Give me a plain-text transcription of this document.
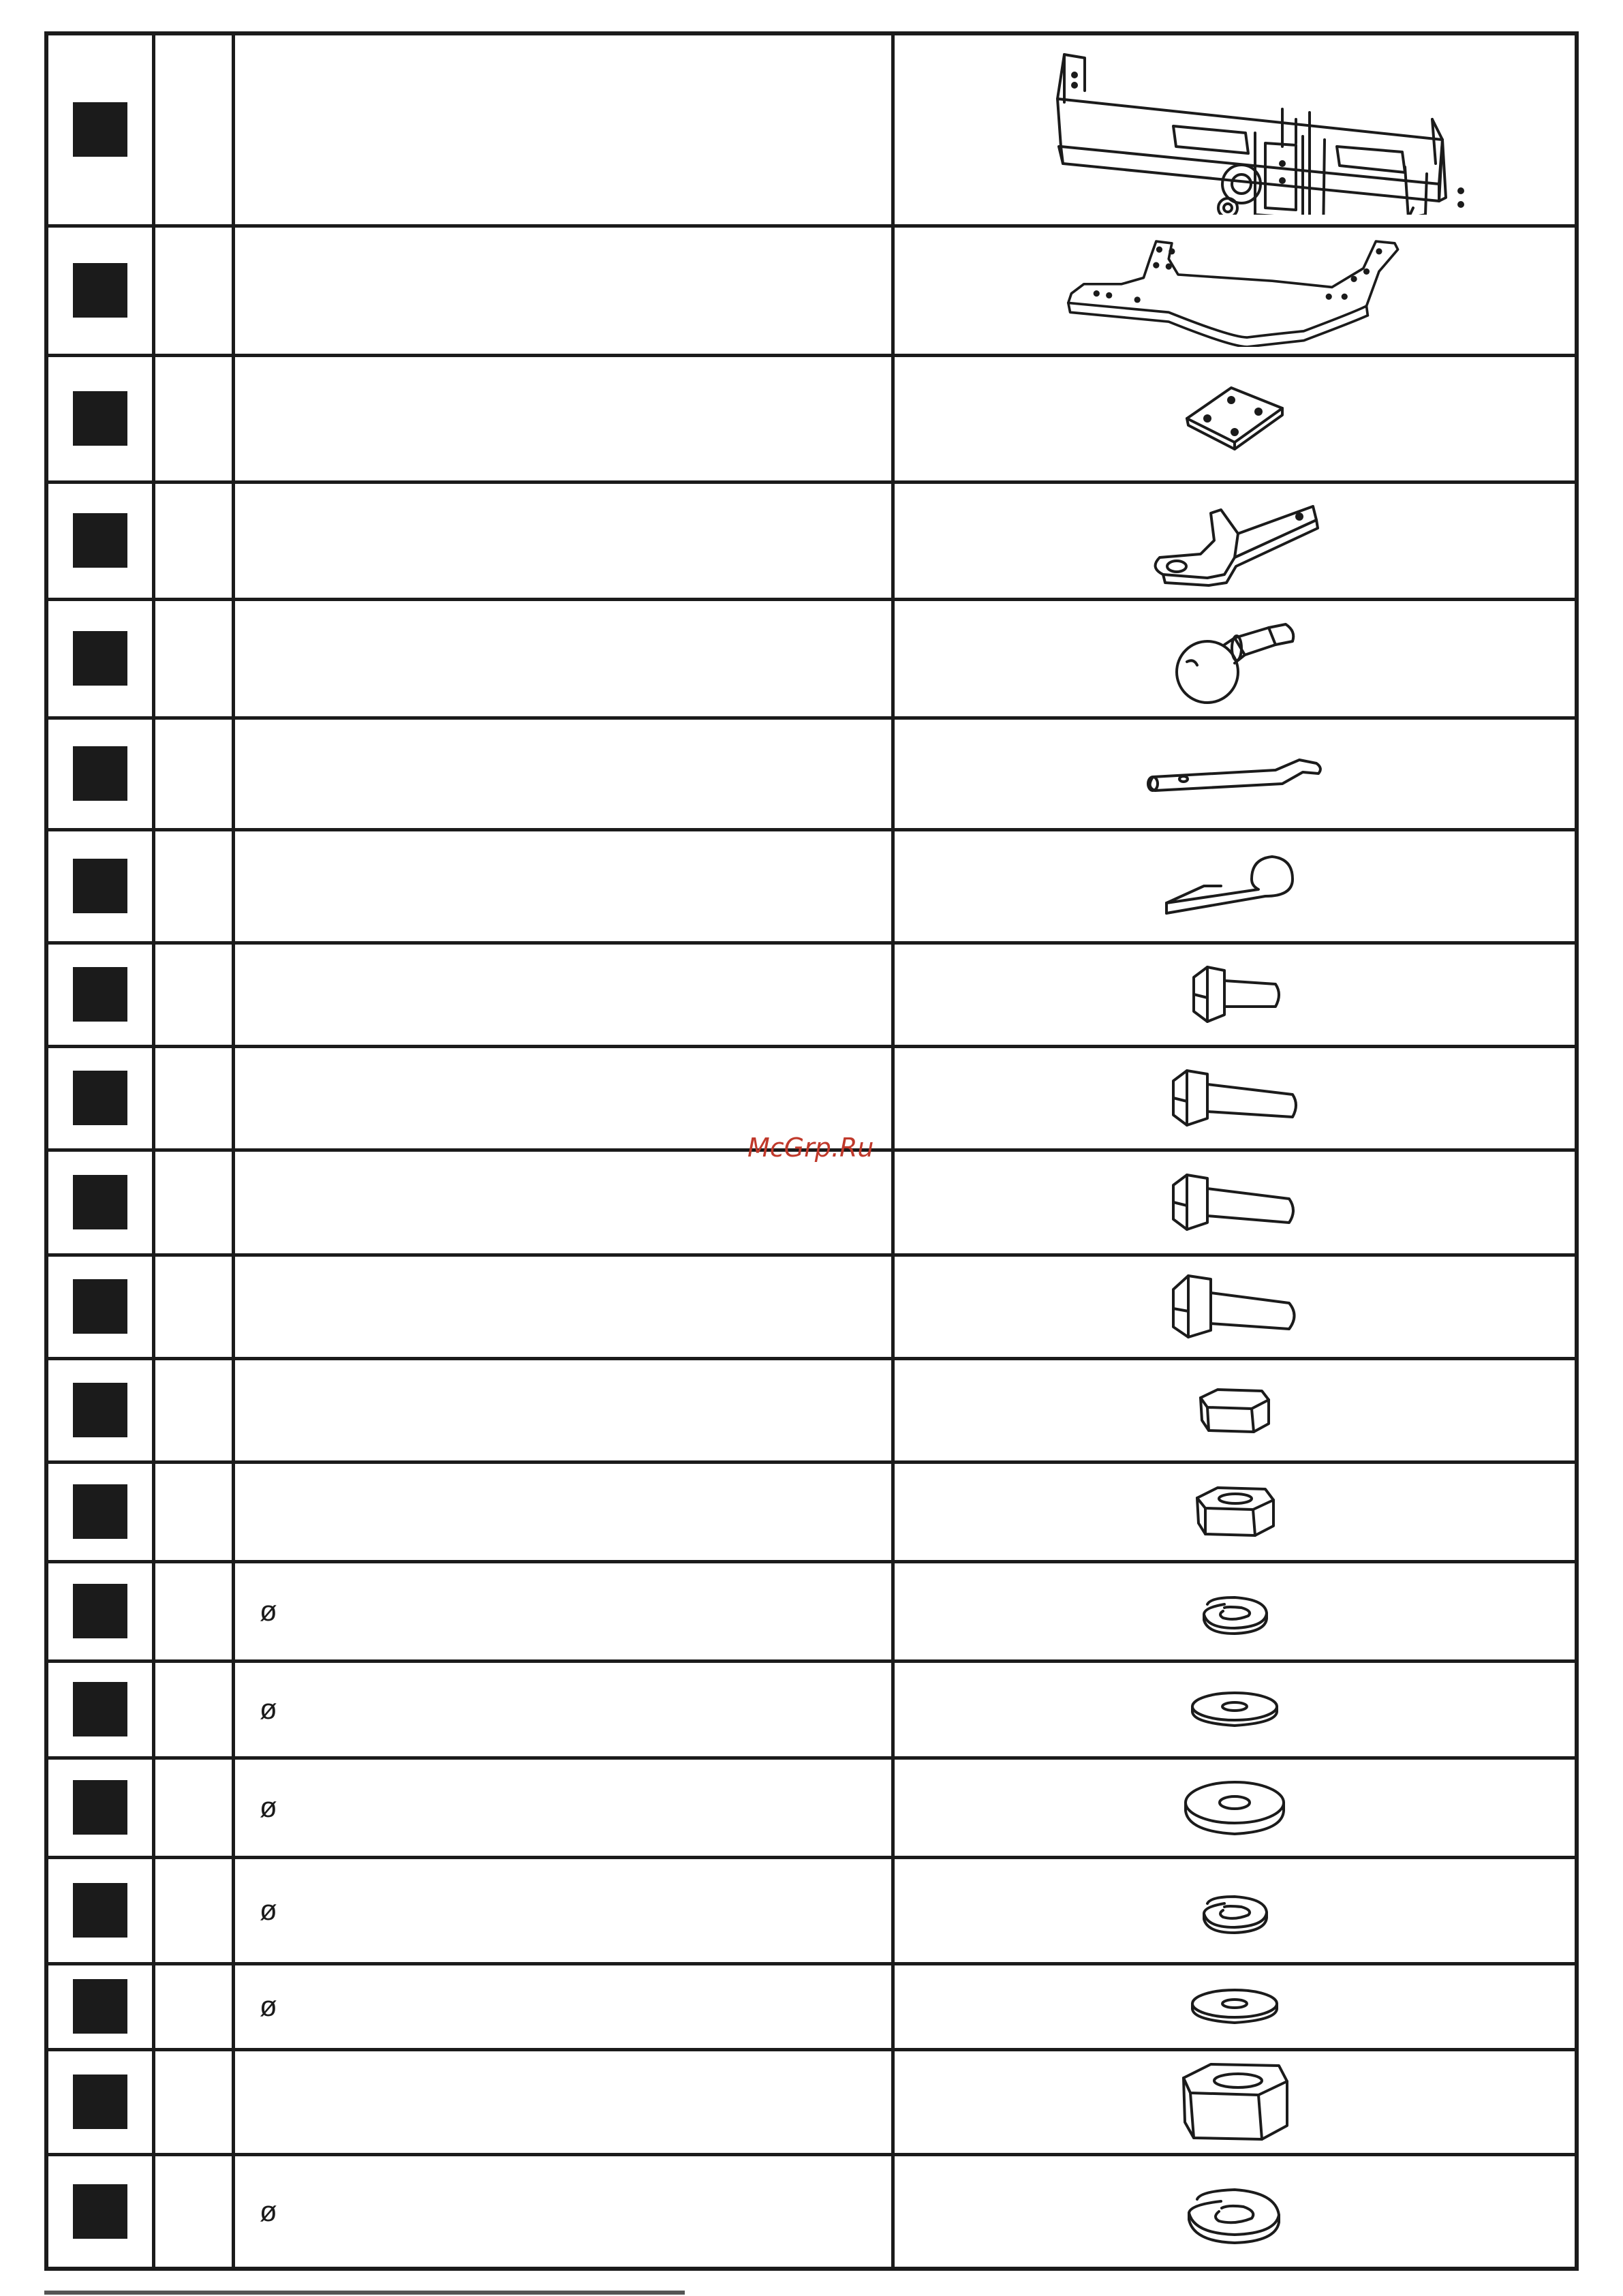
		ø

		ø

		ø

		ø

		ø

		ø

McGrp.Ru
